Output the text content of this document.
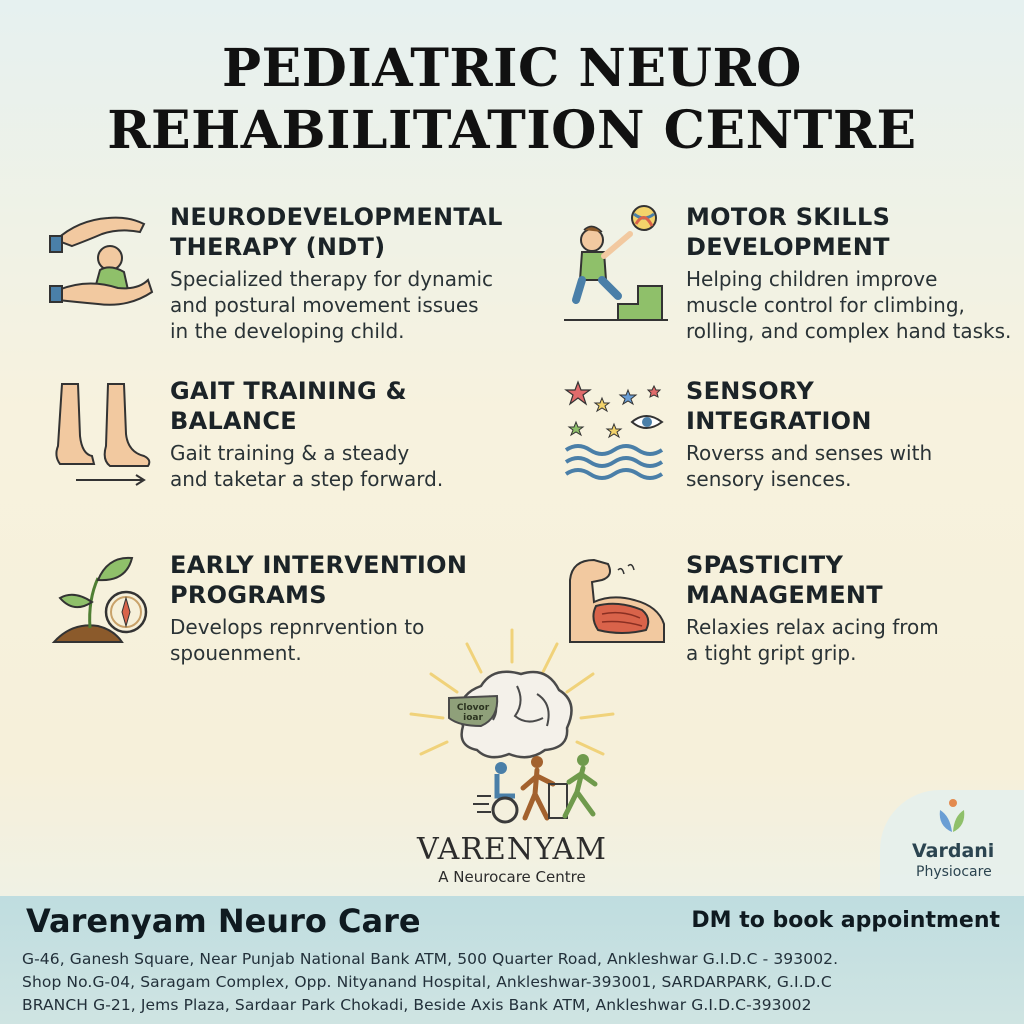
PEDIATRIC NEURO
REHABILITATION CENTRE
NEURODEVELOPMENTAL
THERAPY (NDT)

Specialized therapy for dynamic

and postural movement issues

in the developing child.

MOTOR SKILLS
DEVELOPMENT

Helping children improve

muscle control for climbing,

rolling, and complex hand tasks.

GAIT TRAINING &
BALANCE

Gait training & a steady

and taketar a step forward.

SENSORY
INTEGRATION

Roverss and senses with

sensory isences.

EARLY INTERVENTION
PROGRAMS

Develops repnrvention to

spouenment.

SPASTICITY
MANAGEMENT

Relaxies relax acing from

a tight gript grip.

Clovor
ioar
VARENYAM
A Neurocare Centre
Vardani
Physiocare
Varenyam Neuro Care	DM to book appointment
G-46, Ganesh Square, Near Punjab National Bank ATM, 500 Quarter Road, Ankleshwar G.I.D.C - 393002.
Shop No.G-04, Saragam Complex, Opp. Nityanand Hospital, Ankleshwar-393001, SARDARPARK, G.I.D.C
BRANCH G-21, Jems Plaza, Sardaar Park Chokadi, Beside Axis Bank ATM, Ankleshwar G.I.D.C-393002
